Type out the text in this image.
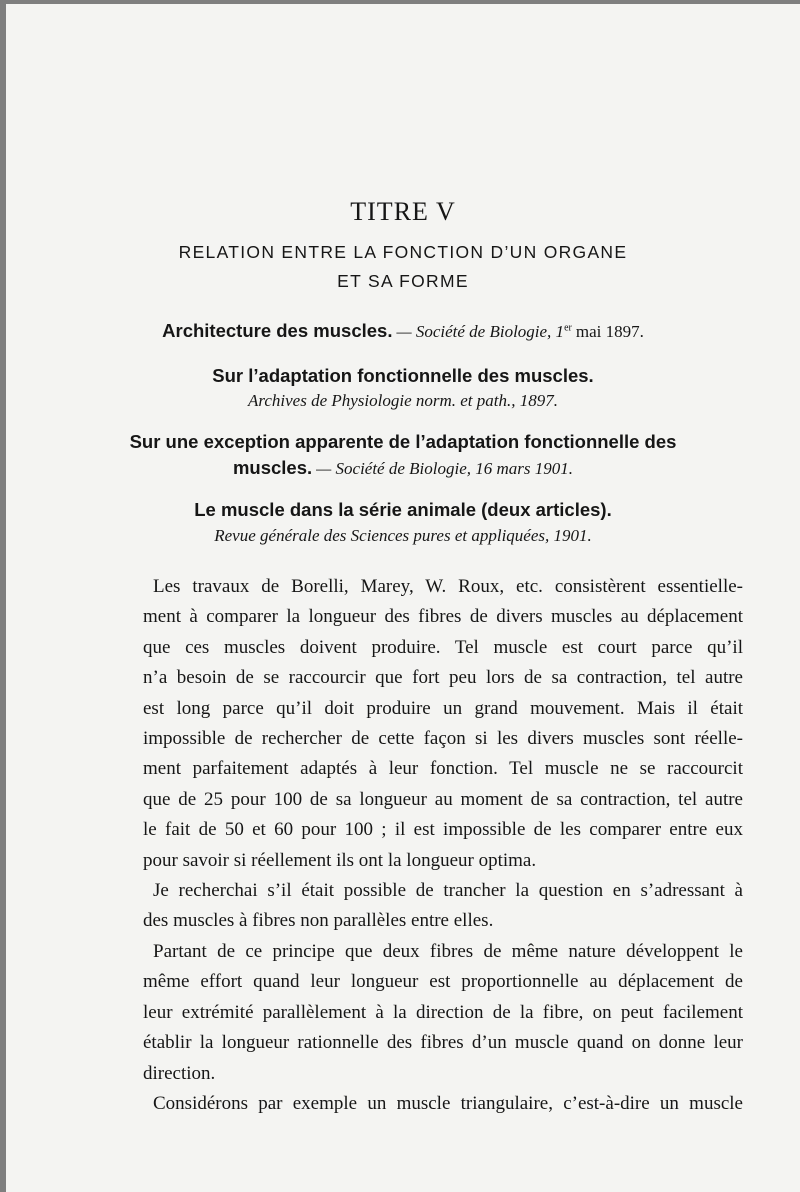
TITRE V
RELATION ENTRE LA FONCTION D’UN ORGANE
ET SA FORME
Architecture des muscles. — Société de Biologie, 1er mai 1897.
Sur l’adaptation fonctionnelle des muscles.
Archives de Physiologie norm. et path., 1897.
Sur une exception apparente de l’adaptation fonctionnelle des
muscles. — Société de Biologie, 16 mars 1901.
Le muscle dans la série animale (deux articles).
Revue générale des Sciences pures et appliquées, 1901.
Les travaux de Borelli, Marey, W. Roux, etc. consistèrent essentielle-
ment à comparer la longueur des fibres de divers muscles au déplacement
que ces muscles doivent produire. Tel muscle est court parce qu’il
n’a besoin de se raccourcir que fort peu lors de sa contraction, tel autre
est long parce qu’il doit produire un grand mouvement. Mais il était
impossible de rechercher de cette façon si les divers muscles sont réelle-
ment parfaitement adaptés à leur fonction. Tel muscle ne se raccourcit
que de 25 pour 100 de sa longueur au moment de sa contraction, tel autre
le fait de 50 et 60 pour 100 ; il est impossible de les comparer entre eux
pour savoir si réellement ils ont la longueur optima.
Je recherchai s’il était possible de trancher la question en s’adressant à
des muscles à fibres non parallèles entre elles.
Partant de ce principe que deux fibres de même nature développent le
même effort quand leur longueur est proportionnelle au déplacement de
leur extrémité parallèlement à la direction de la fibre, on peut facilement
établir la longueur rationnelle des fibres d’un muscle quand on donne leur
direction.
Considérons par exemple un muscle triangulaire, c’est-à-dire un muscle
